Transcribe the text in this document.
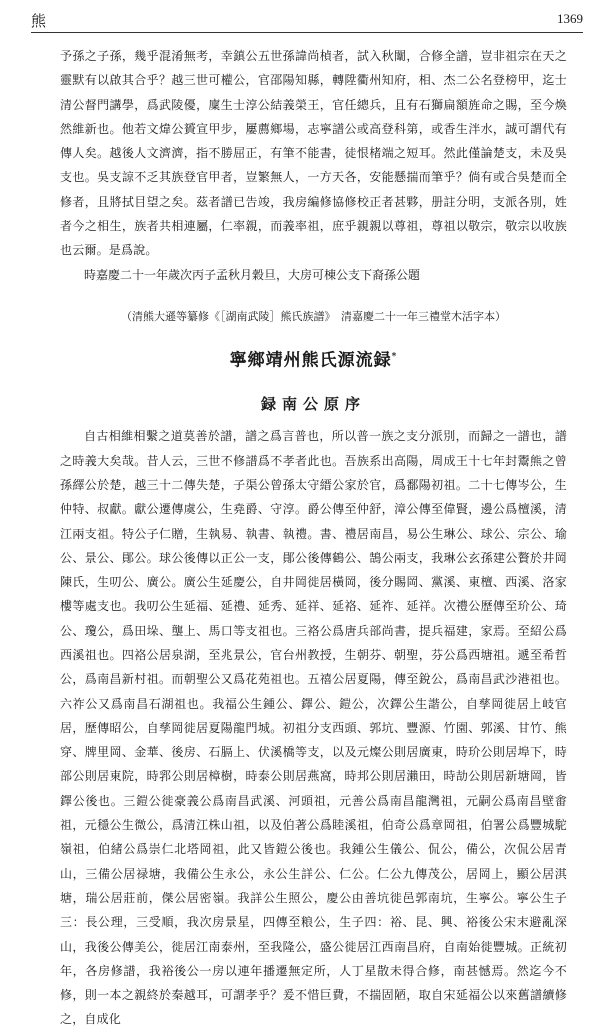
熊	1369

予孫之子孫，幾乎混淆無考，幸鎮公五世孫諱尚楨者，試入秋闈，合修全譜，豈非祖宗在天之靈默有以啟其合乎？越三世可權公，官邵陽知縣，轉陞衢州知府，相、杰二公名登榜甲，迄士清公督門講學，爲武陵優，廩生士淳公結義榮王，官任總兵，且有石獅扁額旌命之賜，至今煥然維新也。他若文煒公贇宣甲步，屢薦鄉場，志寧譜公或高登科第，或香生泮水，誠可謂代有傳人矣。越後人文濟濟，指不勝屈正，有筆不能書，徒恨楮端之短耳。然此僅論楚支，未及吳支也。吳支諒不乏其族登官甲者，豈繁無人，一方天各，安能懸揣而筆乎？倘有或合吳楚而全修者，且將拭目望之矣。茲者譜已告竣，我房編修協修校正者甚夥，册註分明，支派各別，姓者今之相生，族者共相連屬，仁率親，而義率祖，庶乎親親以尊祖，尊祖以敬宗，敬宗以收族也云爾。是爲說。

時嘉慶二十一年歲次丙子孟秋月穀旦，大房可棟公支下裔孫公題

（清熊大遜等纂修《［湖南武陵］熊氏族譜》　清嘉慶二十一年三禮堂木活字本）

寧鄉靖州熊氏源流録*
録南公原序

自古相維相繫之道莫善於譜，譜之爲言普也，所以普一族之支分派別，而歸之一譜也，譜之時義大矣哉。昔人云，三世不修譜爲不孝者此也。吾族系出高陽，周成王十七年封鬻熊之曾孫繹公於楚，越三十二傳失楚，子渠公曾孫太守縉公家於官，爲鄱陽初祖。二十七傳岑公，生仲特、叔獻。獻公遷傳虞公，生堯爵、守淳。爵公傳至仲舒，漳公傳至偉賢，邊公爲檀溪，清江兩支祖。特公子仁贈，生執易、執書、執禮。書、禮居南昌，易公生琳公、球公、宗公、瑜公、景公、鄖公。球公後傳以正公一支，鄖公後傳鶴公、鵠公兩支，我琳公玄孫建公贅於井岡陳氏，生叨公、廣公。廣公生延慶公，自井岡徙居橫岡，後分賜岡、黨溪、東檀、西溪、洛家樓等處支也。我叨公生延福、延禮、延秀、延祥、延袼、延祚、延祥。次禮公歷傳至玠公、琦公、瓊公，爲田垛、壟上、馬口等支祖也。三袼公爲唐兵部尚書，提兵福建，家焉。至紹公爲西溪祖也。四袼公居泉湖，至兆景公，官台州教授，生朝芬、朝聖，芬公爲西塘祖。遞至希哲公，爲南昌新村祖。而朝聖公又爲花苑祖也。五禧公居夏陽，傳至銳公，爲南昌武沙港祖也。六祚公又爲南昌石湖祖也。我福公生鍾公、鐸公、鎧公，次鐸公生諧公，自孳岡徙居上岐官居，歷傳昭公，自孳岡徙居夏陽龍門城。初祖分支西頭、郭坑、豐源、竹園、郭溪、甘竹、熊穿、牌里岡、金華、後房、石膈上、伏溪橋等支，以及元燦公則居廣東，時玠公則居埠下，時部公則居東院，時郛公則居樟樹，時泰公則居燕窩，時邦公則居瀨田，時劼公則居新塘岡，皆鐸公後也。三鎧公徙豪義公爲南昌武溪、河頭祖，元善公爲南昌龍灣祖，元嗣公爲南昌壁畬祖，元穩公生微公，爲清江株山祖，以及伯著公爲睦溪祖，伯奇公爲章岡祖，伯署公爲豐城駝嶺祖，伯緒公爲崇仁北塔岡祖，此又皆鎧公後也。我鍾公生儀公、侃公，備公，次侃公居青山，三備公居禄塘，我備公生永公，永公生詳公、仁公。仁公九傳茂公，居岡上，顯公居淇塘，瑞公居莊前，傑公居密嶺。我詳公生照公，慶公由善坑徙邑郭南坑，生寧公。寧公生子三：長公理，三受順，我次房景星，四傳至粮公，生子四：裕、昆、興、裕後公宋末避亂深山，我後公傳美公，徙居江南泰州，至我隆公，盛公徙居江西南昌府，自南始徙豐城。正統初年，各房修譜，我裕後公一房以連年播遷無定所，人丁星散未得合修，南甚憾焉。然迄今不修，則一本之親終於秦越耳，可謂孝乎？爰不惜巨費，不揣固陋，取自宋延福公以來舊譜續修之，自成化
